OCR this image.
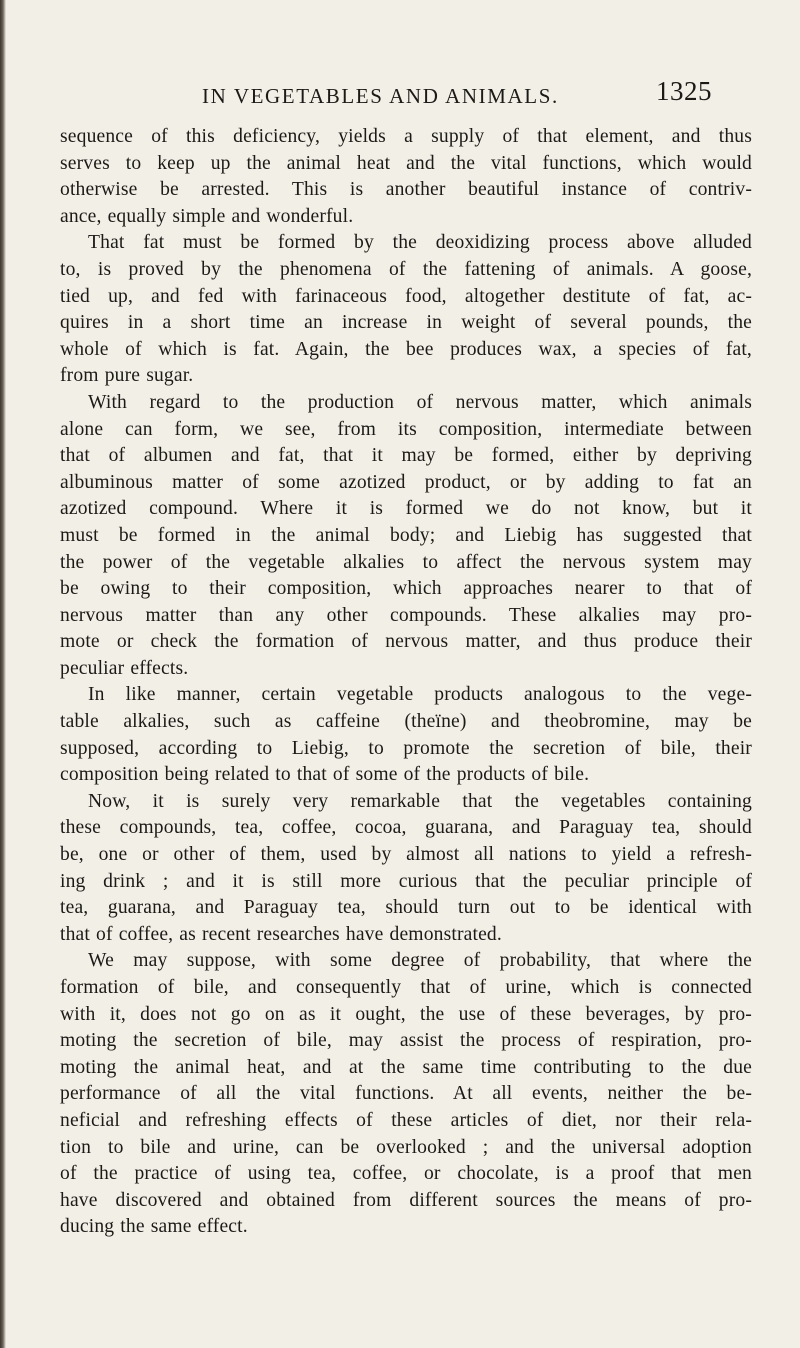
IN VEGETABLES AND ANIMALS.	1325
sequence of this deficiency, yields a supply of that element, and thus
serves to keep up the animal heat and the vital functions, which would
otherwise be arrested. This is another beautiful instance of contriv-
ance, equally simple and wonderful.
That fat must be formed by the deoxidizing process above alluded
to, is proved by the phenomena of the fattening of animals. A goose,
tied up, and fed with farinaceous food, altogether destitute of fat, ac-
quires in a short time an increase in weight of several pounds, the
whole of which is fat. Again, the bee produces wax, a species of fat,
from pure sugar.
With regard to the production of nervous matter, which animals
alone can form, we see, from its composition, intermediate between
that of albumen and fat, that it may be formed, either by depriving
albuminous matter of some azotized product, or by adding to fat an
azotized compound. Where it is formed we do not know, but it
must be formed in the animal body; and Liebig has suggested that
the power of the vegetable alkalies to affect the nervous system may
be owing to their composition, which approaches nearer to that of
nervous matter than any other compounds. These alkalies may pro-
mote or check the formation of nervous matter, and thus produce their
peculiar effects.
In like manner, certain vegetable products analogous to the vege-
table alkalies, such as caffeine (theïne) and theobromine, may be
supposed, according to Liebig, to promote the secretion of bile, their
composition being related to that of some of the products of bile.
Now, it is surely very remarkable that the vegetables containing
these compounds, tea, coffee, cocoa, guarana, and Paraguay tea, should
be, one or other of them, used by almost all nations to yield a refresh-
ing drink ; and it is still more curious that the peculiar principle of
tea, guarana, and Paraguay tea, should turn out to be identical with
that of coffee, as recent researches have demonstrated.
We may suppose, with some degree of probability, that where the
formation of bile, and consequently that of urine, which is connected
with it, does not go on as it ought, the use of these beverages, by pro-
moting the secretion of bile, may assist the process of respiration, pro-
moting the animal heat, and at the same time contributing to the due
performance of all the vital functions. At all events, neither the be-
neficial and refreshing effects of these articles of diet, nor their rela-
tion to bile and urine, can be overlooked ; and the universal adoption
of the practice of using tea, coffee, or chocolate, is a proof that men
have discovered and obtained from different sources the means of pro-
ducing the same effect.
